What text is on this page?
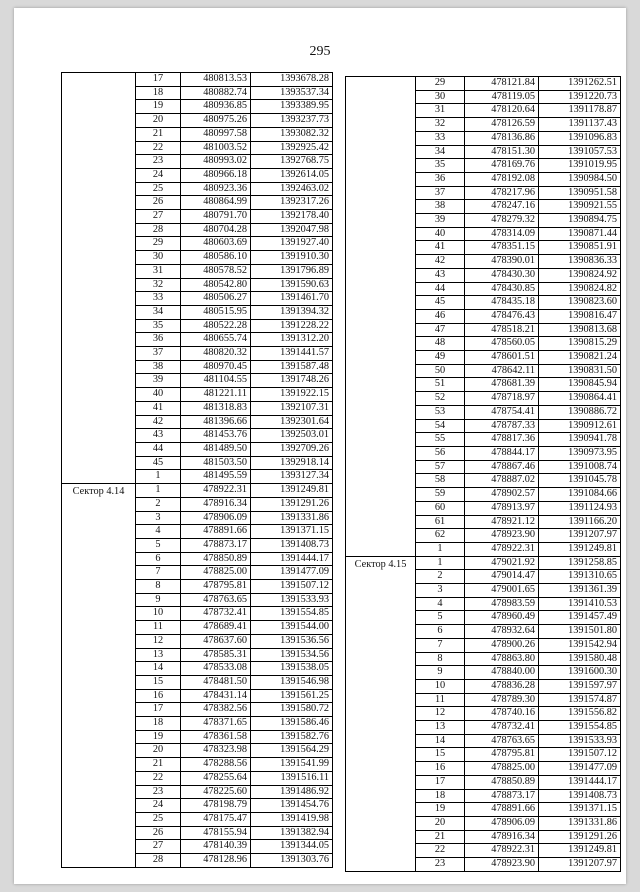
295
	17	480813.53	1393678.28
	18	480882.74	1393537.34
	19	480936.85	1393389.95
	20	480975.26	1393237.73
	21	480997.58	1393082.32
	22	481003.52	1392925.42
	23	480993.02	1392768.75
	24	480966.18	1392614.05
	25	480923.36	1392463.02
	26	480864.99	1392317.26
	27	480791.70	1392178.40
	28	480704.28	1392047.98
	29	480603.69	1391927.40
	30	480586.10	1391910.30
	31	480578.52	1391796.89
	32	480542.80	1391590.63
	33	480506.27	1391461.70
	34	480515.95	1391394.32
	35	480522.28	1391228.22
	36	480655.74	1391312.20
	37	480820.32	1391441.57
	38	480970.45	1391587.48
	39	481104.55	1391748.26
	40	481221.11	1391922.15
	41	481318.83	1392107.31
	42	481396.66	1392301.64
	43	481453.76	1392503.01
	44	481489.50	1392709.26
	45	481503.50	1392918.14
	1	481495.59	1393127.34
Сектор 4.14	1	478922.31	1391249.81
	2	478916.34	1391291.26
	3	478906.09	1391331.86
	4	478891.66	1391371.15
	5	478873.17	1391408.73
	6	478850.89	1391444.17
	7	478825.00	1391477.09
	8	478795.81	1391507.12
	9	478763.65	1391533.93
	10	478732.41	1391554.85
	11	478689.41	1391544.00
	12	478637.60	1391536.56
	13	478585.31	1391534.56
	14	478533.08	1391538.05
	15	478481.50	1391546.98
	16	478431.14	1391561.25
	17	478382.56	1391580.72
	18	478371.65	1391586.46
	19	478361.58	1391582.76
	20	478323.98	1391564.29
	21	478288.56	1391541.99
	22	478255.64	1391516.11
	23	478225.60	1391486.92
	24	478198.79	1391454.76
	25	478175.47	1391419.98
	26	478155.94	1391382.94
	27	478140.39	1391344.05
	28	478128.96	1391303.76
	29	478121.84	1391262.51
	30	478119.05	1391220.73
	31	478120.64	1391178.87
	32	478126.59	1391137.43
	33	478136.86	1391096.83
	34	478151.30	1391057.53
	35	478169.76	1391019.95
	36	478192.08	1390984.50
	37	478217.96	1390951.58
	38	478247.16	1390921.55
	39	478279.32	1390894.75
	40	478314.09	1390871.44
	41	478351.15	1390851.91
	42	478390.01	1390836.33
	43	478430.30	1390824.92
	44	478430.85	1390824.82
	45	478435.18	1390823.60
	46	478476.43	1390816.47
	47	478518.21	1390813.68
	48	478560.05	1390815.29
	49	478601.51	1390821.24
	50	478642.11	1390831.50
	51	478681.39	1390845.94
	52	478718.97	1390864.41
	53	478754.41	1390886.72
	54	478787.33	1390912.61
	55	478817.36	1390941.78
	56	478844.17	1390973.95
	57	478867.46	1391008.74
	58	478887.02	1391045.78
	59	478902.57	1391084.66
	60	478913.97	1391124.93
	61	478921.12	1391166.20
	62	478923.90	1391207.97
	1	478922.31	1391249.81
Сектор 4.15	1	479021.92	1391258.85
	2	479014.47	1391310.65
	3	479001.65	1391361.39
	4	478983.59	1391410.53
	5	478960.49	1391457.49
	6	478932.64	1391501.80
	7	478900.26	1391542.94
	8	478863.80	1391580.48
	9	478840.00	1391600.30
	10	478836.28	1391597.97
	11	478789.30	1391574.87
	12	478740.16	1391556.82
	13	478732.41	1391554.85
	14	478763.65	1391533.93
	15	478795.81	1391507.12
	16	478825.00	1391477.09
	17	478850.89	1391444.17
	18	478873.17	1391408.73
	19	478891.66	1391371.15
	20	478906.09	1391331.86
	21	478916.34	1391291.26
	22	478922.31	1391249.81
	23	478923.90	1391207.97
